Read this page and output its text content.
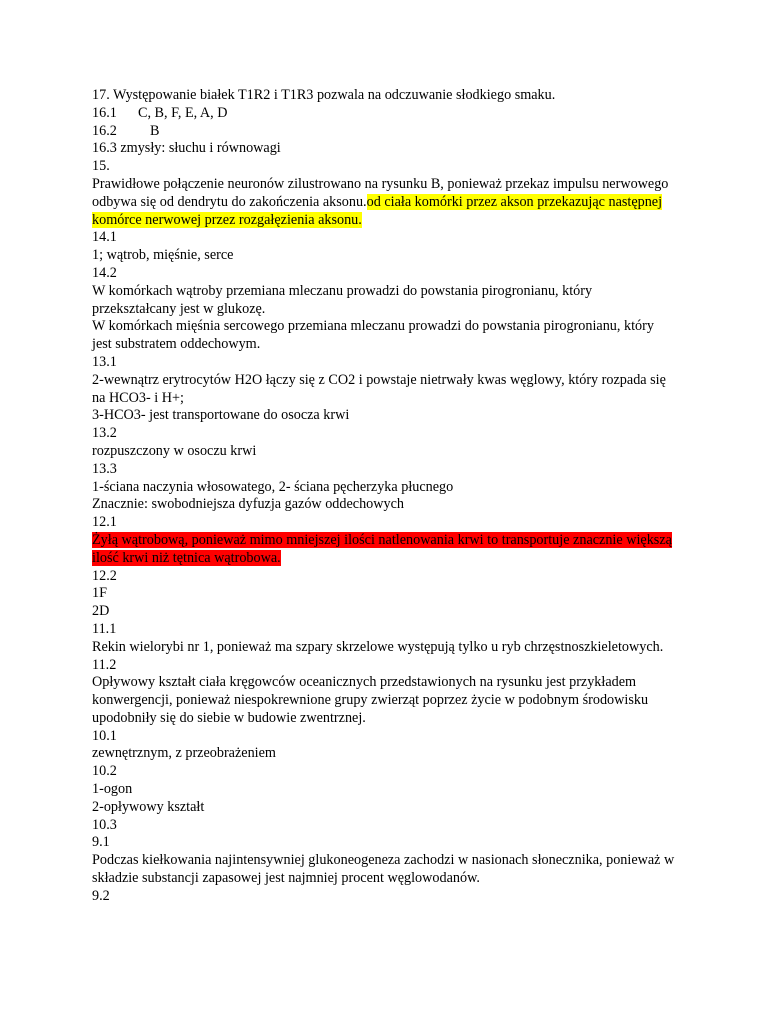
17. Występowanie białek T1R2 i T1R3 pozwala na odczuwanie słodkiego smaku.
16.1 C, B, F, E, A, D
16.2 B
16.3 zmysły: słuchu i równowagi
15.
Prawidłowe połączenie neuronów zilustrowano na rysunku B, ponieważ przekaz impulsu nerwowego
odbywa się od dendrytu do zakończenia aksonu.od ciała komórki przez akson przekazując następnej
komórce nerwowej przez rozgałęzienia aksonu.
14.1
1; wątrob, mięśnie, serce
14.2
W komórkach wątroby przemiana mleczanu prowadzi do powstania pirogronianu, który
przekształcany jest w glukozę.
W komórkach mięśnia sercowego przemiana mleczanu prowadzi do powstania pirogronianu, który
jest substratem oddechowym.
13.1
2-wewnątrz erytrocytów H2O łączy się z CO2 i powstaje nietrwały kwas węglowy, który rozpada się
na HCO3- i H+;
3-HCO3- jest transportowane do osocza krwi
13.2
rozpuszczony w osoczu krwi
13.3
1-ściana naczynia włosowatego, 2- ściana pęcherzyka płucnego
Znacznie: swobodniejsza dyfuzja gazów oddechowych
12.1
Żyłą wątrobową, ponieważ mimo mniejszej ilości natlenowania krwi to transportuje znacznie większą
ilość krwi niż tętnica wątrobowa.
12.2
1F
2D
11.1
Rekin wielorybi nr 1, ponieważ ma szpary skrzelowe występują tylko u ryb chrzęstnoszkieletowych.
11.2
Opływowy kształt ciała kręgowców oceanicznych przedstawionych na rysunku jest przykładem
konwergencji, ponieważ niespokrewnione grupy zwierząt poprzez życie w podobnym środowisku
upodobniły się do siebie w budowie zwentrznej.
10.1
zewnętrznym, z przeobrażeniem
10.2
1-ogon
2-opływowy kształt
10.3
9.1
Podczas kiełkowania najintensywniej glukoneogeneza zachodzi w nasionach słonecznika, ponieważ w
składzie substancji zapasowej jest najmniej procent węglowodanów.
9.2
